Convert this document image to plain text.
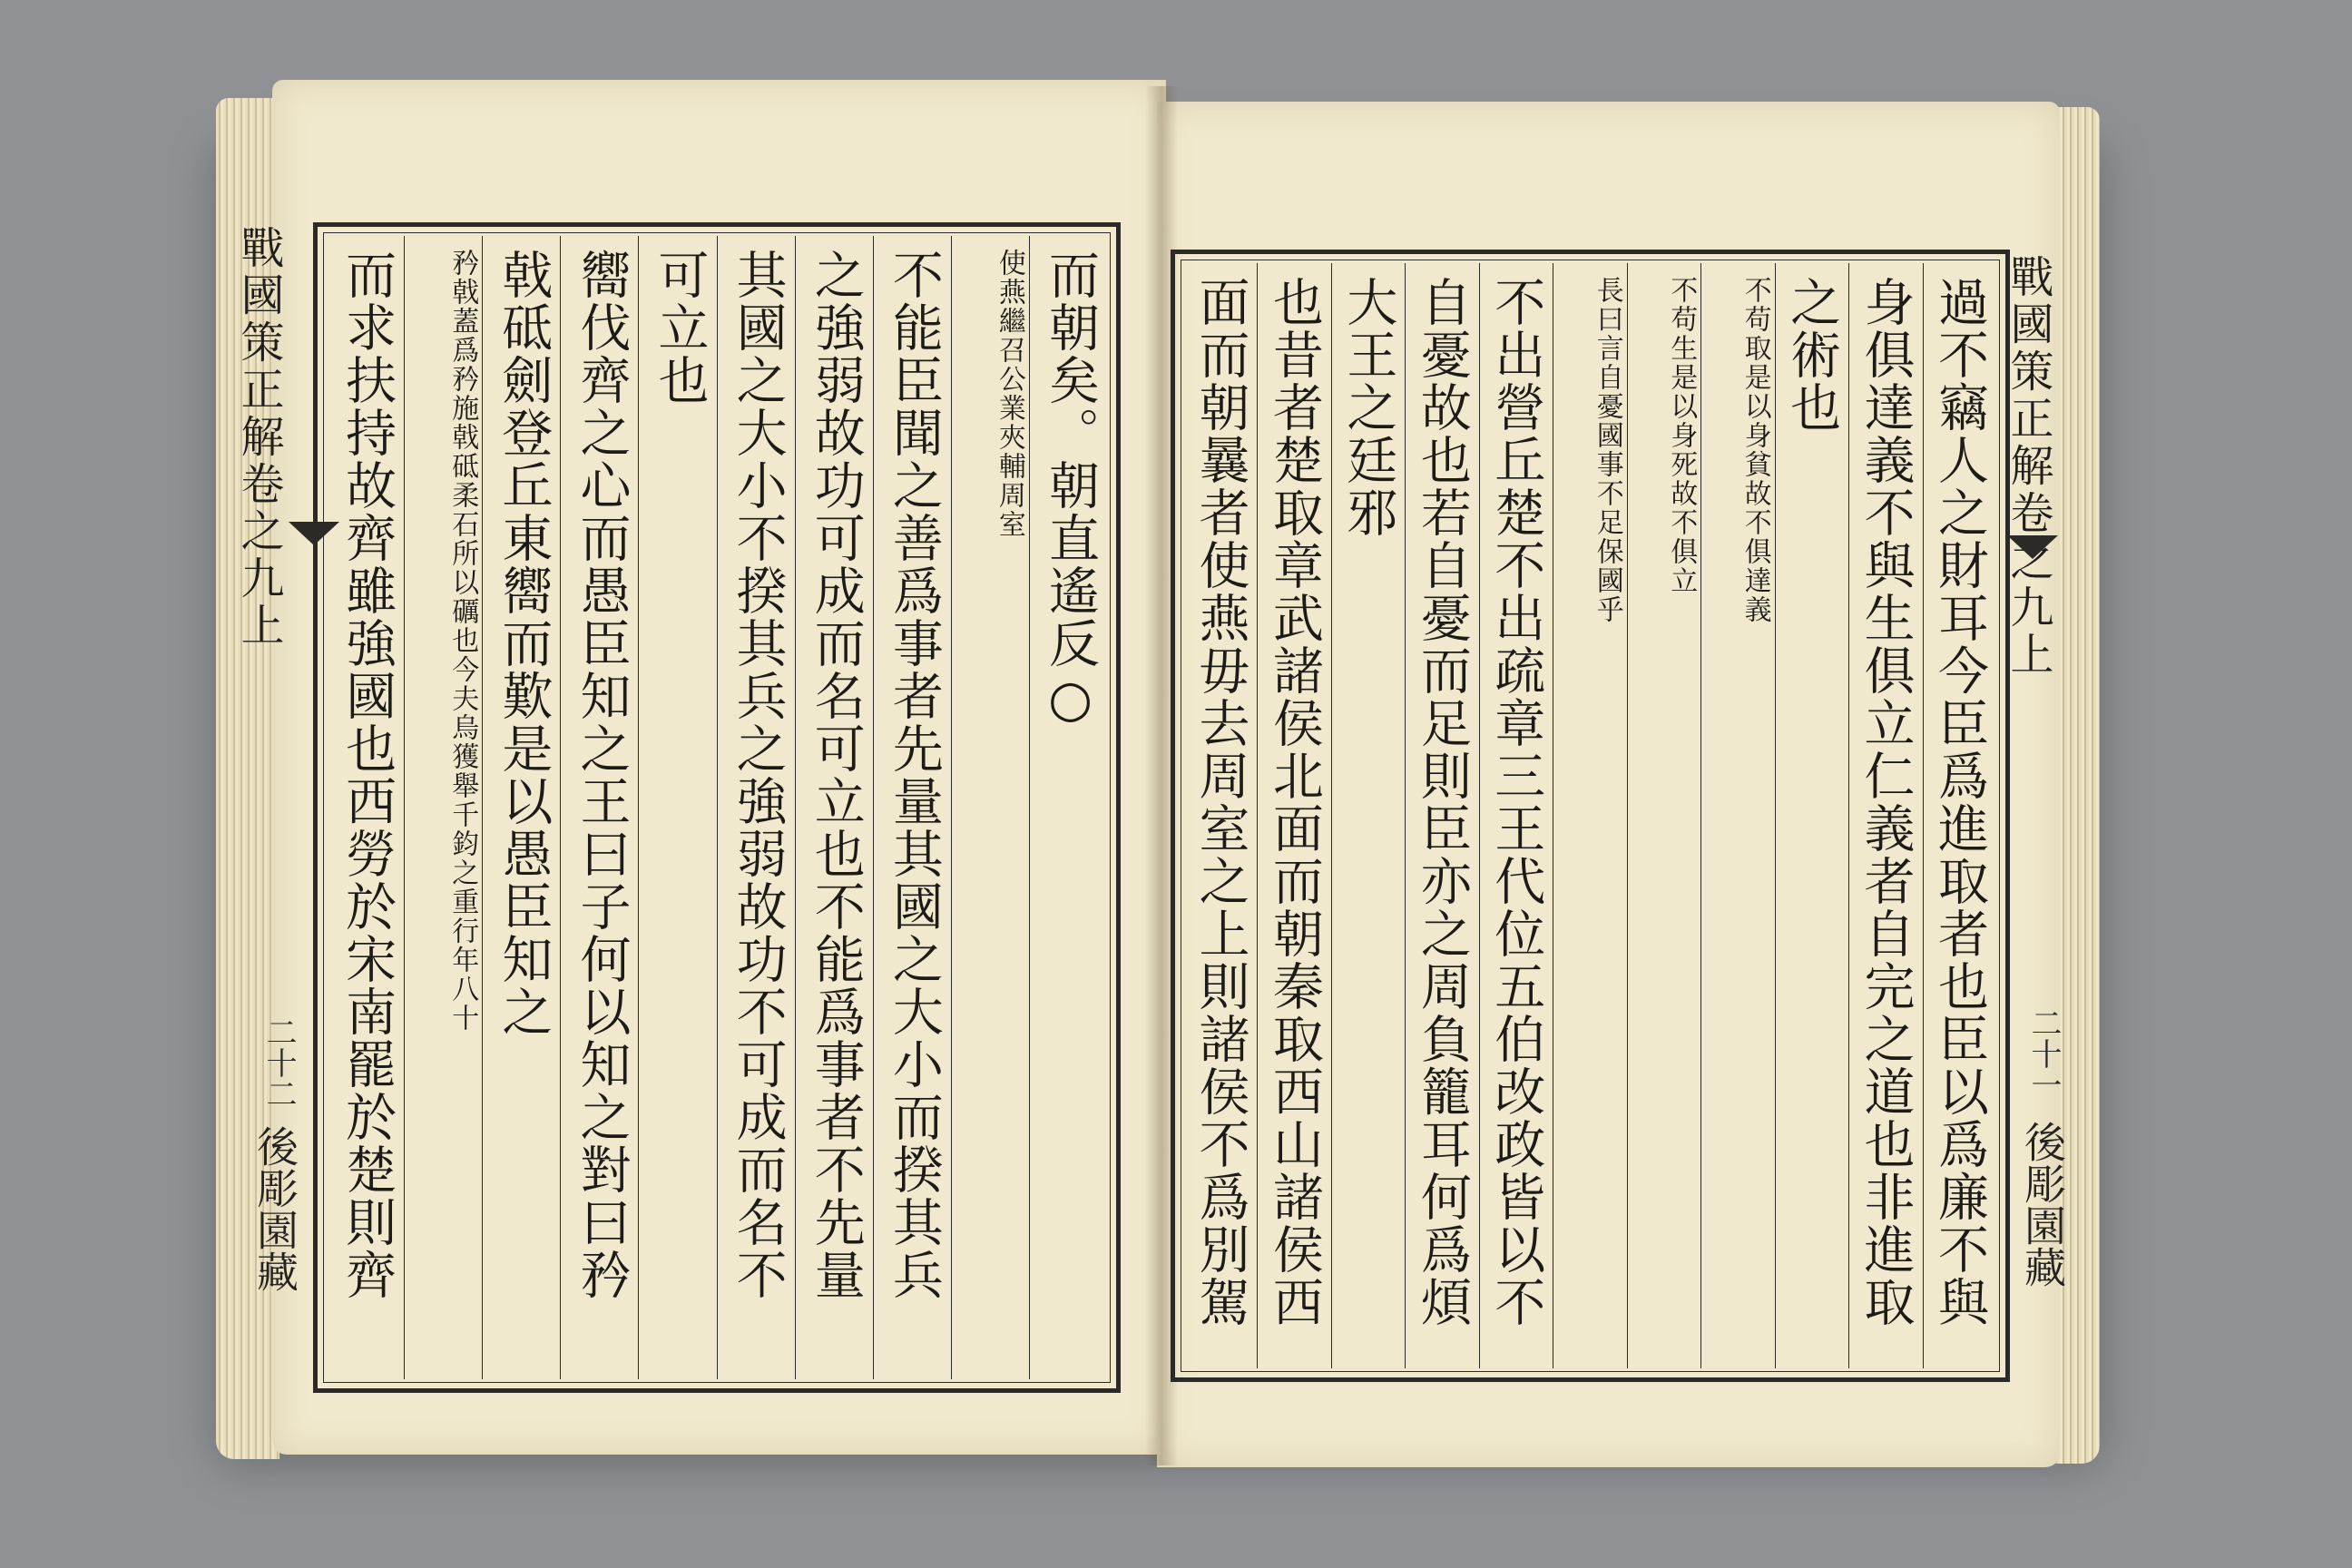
戰國策正解卷之九上
二十二
後彫園藏
而朝矣。朝直遙反○
使燕繼召公業夾輔周室
不能臣聞之善爲事者先量其國之大小而揆其兵
之強弱故功可成而名可立也不能爲事者不先量
其國之大小不揆其兵之強弱故功不可成而名不
可立也
嚮伐齊之心而愚臣知之王曰子何以知之對曰矜
戟砥劍登丘東嚮而歎是以愚臣知之
矜戟蓋爲矜施戟砥柔石所以礪也今夫烏獲舉千鈞之重行年八十
而求扶持故齊雖強國也西勞於宋南罷於楚則齊	戰國策正解卷之九上
二十一
後彫園藏
過不竊人之財耳今臣爲進取者也臣以爲廉不與
身俱達義不與生俱立仁義者自完之道也非進取
之術也
不苟取是以身貧故不俱達義
不苟生是以身死故不俱立
長曰言自憂國事不足保國乎
不出營丘楚不出疏章三王代位五伯改政皆以不
自憂故也若自憂而足則臣亦之周負籠耳何爲煩
大王之廷邪
也昔者楚取章武諸侯北面而朝秦取西山諸侯西
面而朝曩者使燕毋去周室之上則諸侯不爲別駕
